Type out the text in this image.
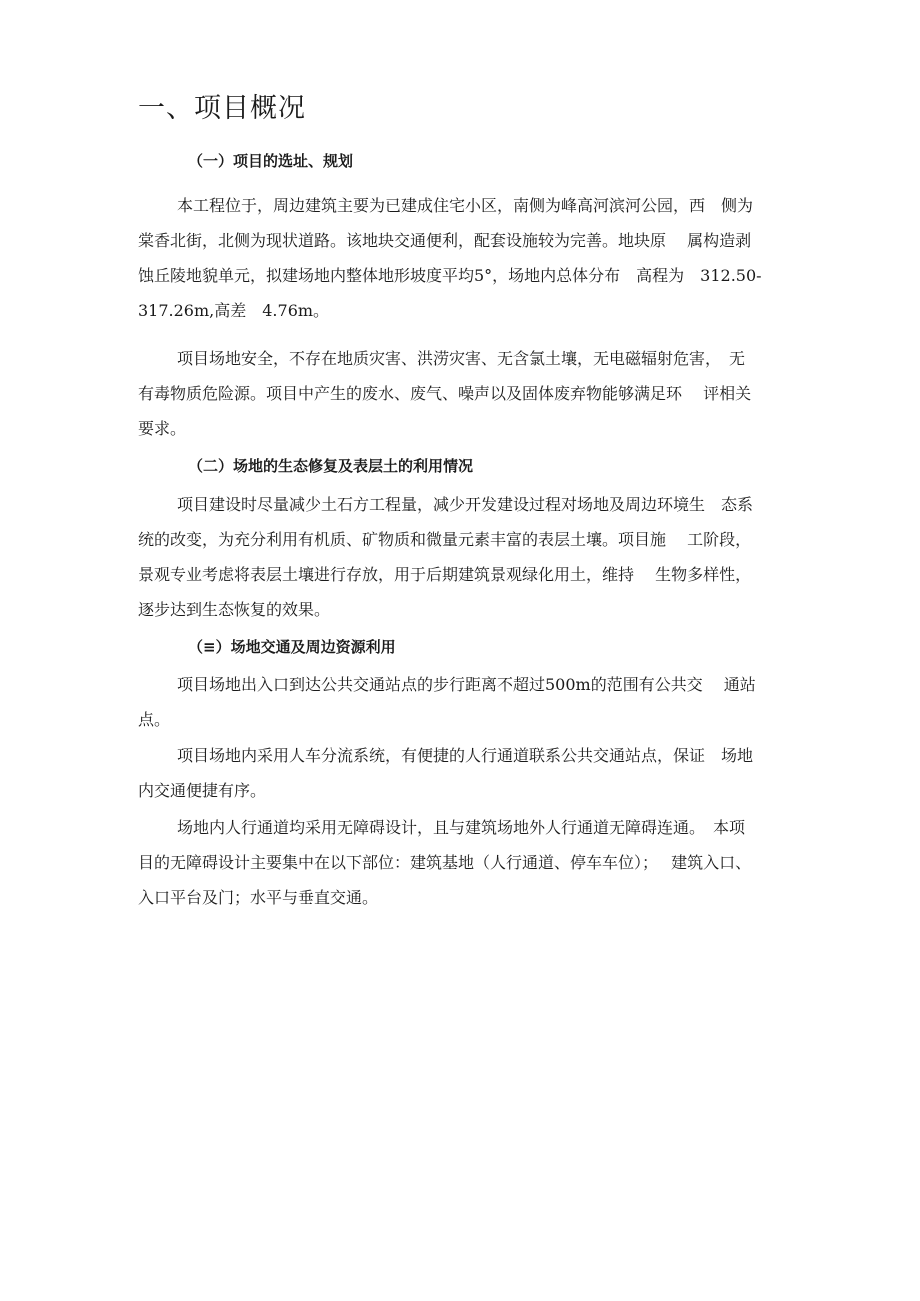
一、项目概况
（一）项目的选址、规划

本工程位于，周边建筑主要为已建成住宅小区，南侧为峰高河滨河公园，西　侧为

棠香北街，北侧为现状道路。该地块交通便利，配套设施较为完善。地块原　 属构造剥

蚀丘陵地貌单元，拟建场地内整体地形坡度平均5°，场地内总体分布　高程为　312.50-

317.26m,高差　4.76m。

项目场地安全，不存在地质灾害、洪涝灾害、无含氯土壤，无电磁辐射危害，　无

有毒物质危险源。项目中产生的废水、废气、噪声以及固体废弃物能够满足环　 评相关

要求。

（二）场地的生态修复及表层土的利用情况

项目建设时尽量减少土石方工程量，减少开发建设过程对场地及周边环境生　态系

统的改变，为充分利用有机质、矿物质和微量元素丰富的表层土壤。项目施　 工阶段，

景观专业考虑将表层土壤进行存放，用于后期建筑景观绿化用土，维持　 生物多样性，

逐步达到生态恢复的效果。

（≡）场地交通及周边资源利用

项目场地出入口到达公共交通站点的步行距离不超过500m的范围有公共交　 通站

点。

项目场地内采用人车分流系统，有便捷的人行通道联系公共交通站点，保证　场地

内交通便捷有序。

场地内人行通道均采用无障碍设计，且与建筑场地外人行通道无障碍连通。　本项

目的无障碍设计主要集中在以下部位：建筑基地（人行通道、停车车位）；　 建筑入口、

入口平台及门；水平与垂直交通。
